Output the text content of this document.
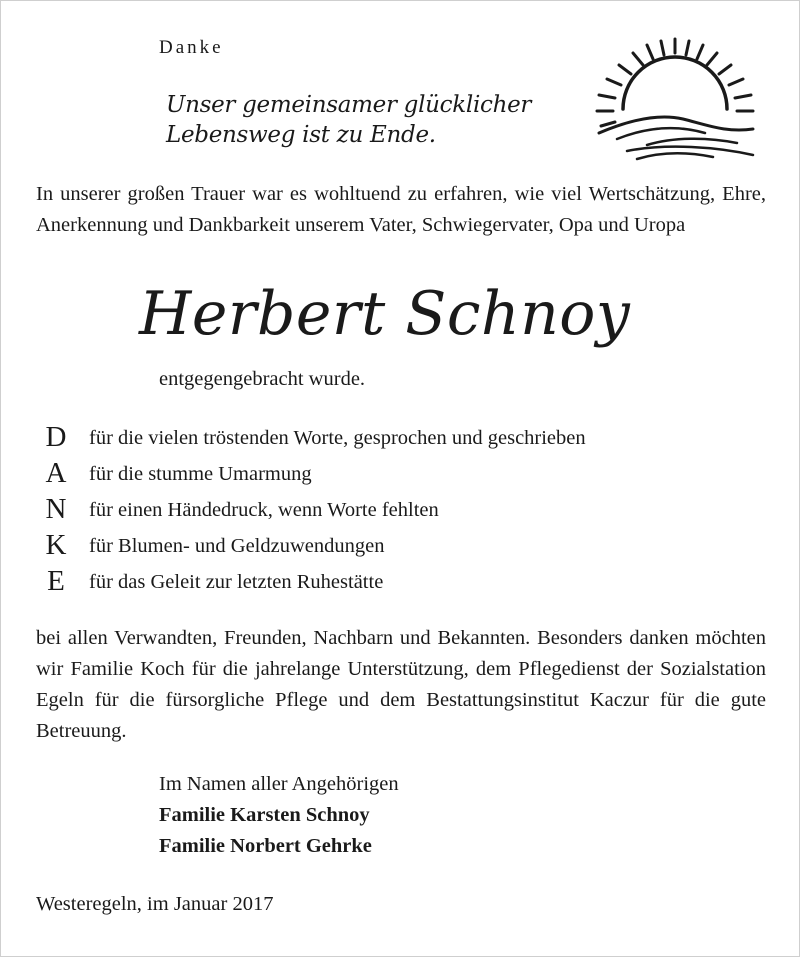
Danke
Unser gemeinsamer glücklicher
Lebensweg ist zu Ende.

In unserer großen Trauer war es wohltuend zu erfahren, wie viel Wertschätzung, Ehre, Anerkennung und Dankbarkeit unserem Vater, Schwiegervater, Opa und Uropa

Herbert Schnoy
entgegengebracht wurde.
D	für die vielen tröstenden Worte, gesprochen und geschrieben
A	für die stumme Umarmung
N	für einen Händedruck, wenn Worte fehlten
K	für Blumen- und Geldzuwendungen
E	für das Geleit zur letzten Ruhestätte

bei allen Verwandten, Freunden, Nachbarn und Bekannten. Besonders danken möchten wir Familie Koch für die jahrelange Unterstützung, dem Pflegedienst der Sozialstation Egeln für die fürsorgliche Pflege und dem Bestattungsinstitut Kaczur für die gute Betreuung.

Im Namen aller Angehörigen
Familie Karsten Schnoy
Familie Norbert Gehrke
Westeregeln, im Januar 2017
